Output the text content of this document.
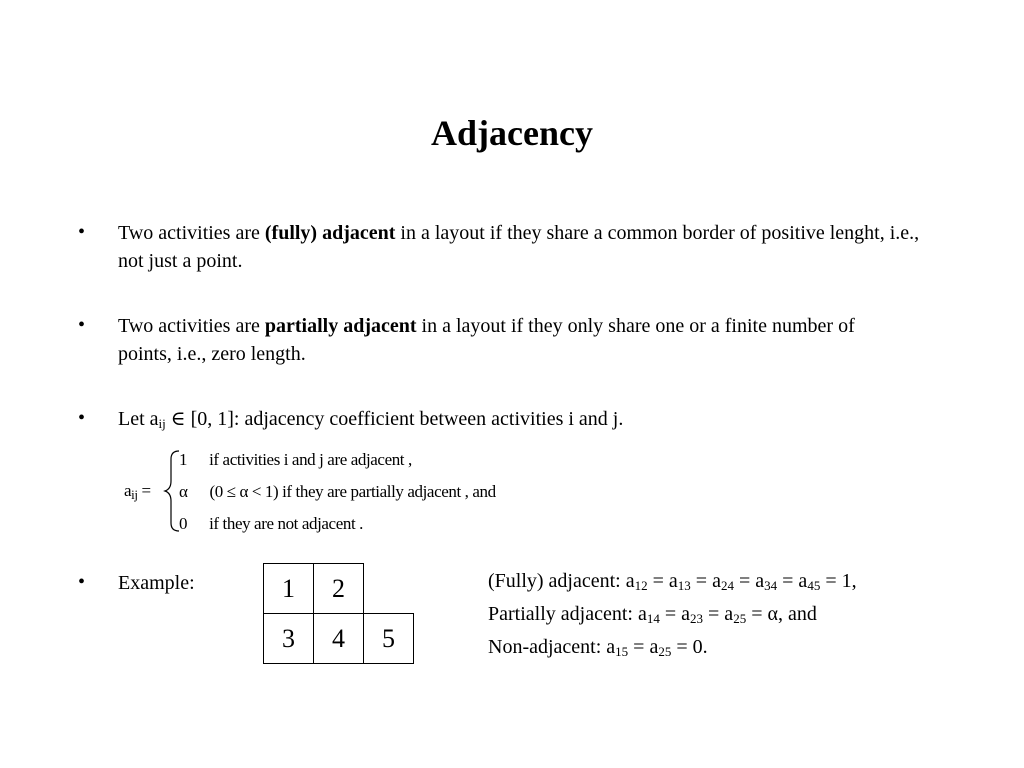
Adjacency
• Two activities are (fully) adjacent in a layout if they share a common border of positive lenght, i.e., not just a point.
• Two activities are partially adjacent in a layout if they only share one or a finite number of points, i.e., zero length.
• Let $a_{ij}$ ∈ [0, 1]: adjacency coefficient between activities i and j.
$a_{ij}$ =
1 if activities i and j are adjacent ,
α (0 ≤ α < 1) if they are partially adjacent , and
0 if they are not adjacent .
• Example:	1	2
3	4	5
(Fully) adjacent: $a_{12} = a_{13} = a_{24} = a_{34} = a_{45} = 1$,
Partially adjacent: $a_{14} = a_{23} = a_{25} = \alpha$, and
Non-adjacent: $a_{15} = a_{25} = 0$.
